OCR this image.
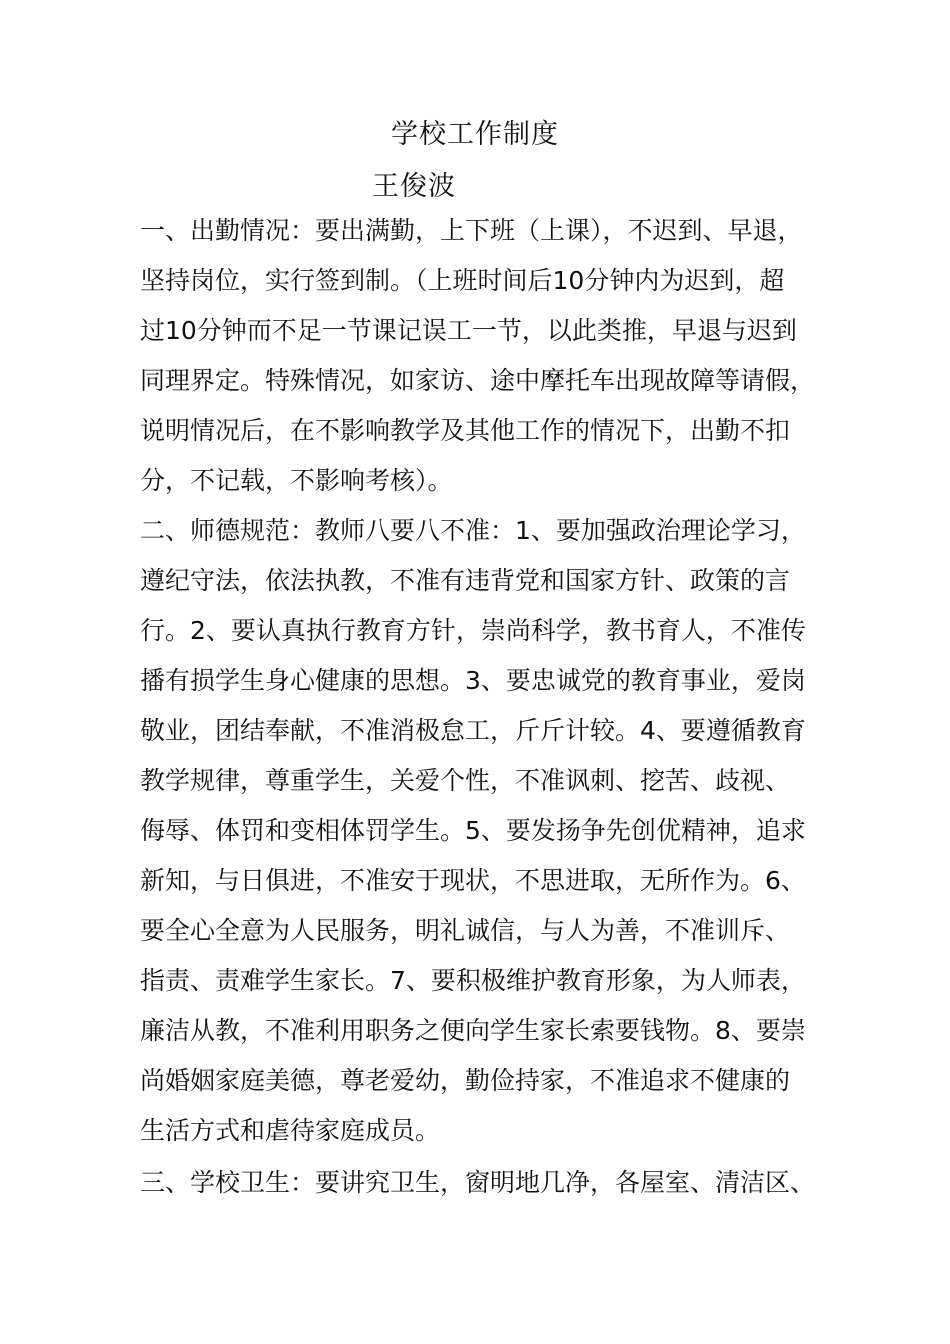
学校工作制度
王俊波
一、出勤情况：要出满勤，上下班（上课），不迟到、早退，
坚持岗位，实行签到制。（上班时间后10分钟内为迟到，超
过10分钟而不足一节课记误工一节，以此类推，早退与迟到
同理界定。特殊情况，如家访、途中摩托车出现故障等请假，
说明情况后，在不影响教学及其他工作的情况下，出勤不扣
分，不记载，不影响考核）。
二、师德规范：教师八要八不准：1、要加强政治理论学习，
遵纪守法，依法执教，不准有违背党和国家方针、政策的言
行。2、要认真执行教育方针，崇尚科学，教书育人，不准传
播有损学生身心健康的思想。3、要忠诚党的教育事业，爱岗
敬业，团结奉献，不准消极怠工，斤斤计较。4、要遵循教育
教学规律，尊重学生，关爱个性，不准讽刺、挖苦、歧视、
侮辱、体罚和变相体罚学生。5、要发扬争先创优精神，追求
新知，与日俱进，不准安于现状，不思进取，无所作为。6、
要全心全意为人民服务，明礼诚信，与人为善，不准训斥、
指责、责难学生家长。7、要积极维护教育形象，为人师表，
廉洁从教，不准利用职务之便向学生家长索要钱物。8、要崇
尚婚姻家庭美德，尊老爱幼，勤俭持家，不准追求不健康的
生活方式和虐待家庭成员。
三、学校卫生：要讲究卫生，窗明地几净，各屋室、清洁区、
